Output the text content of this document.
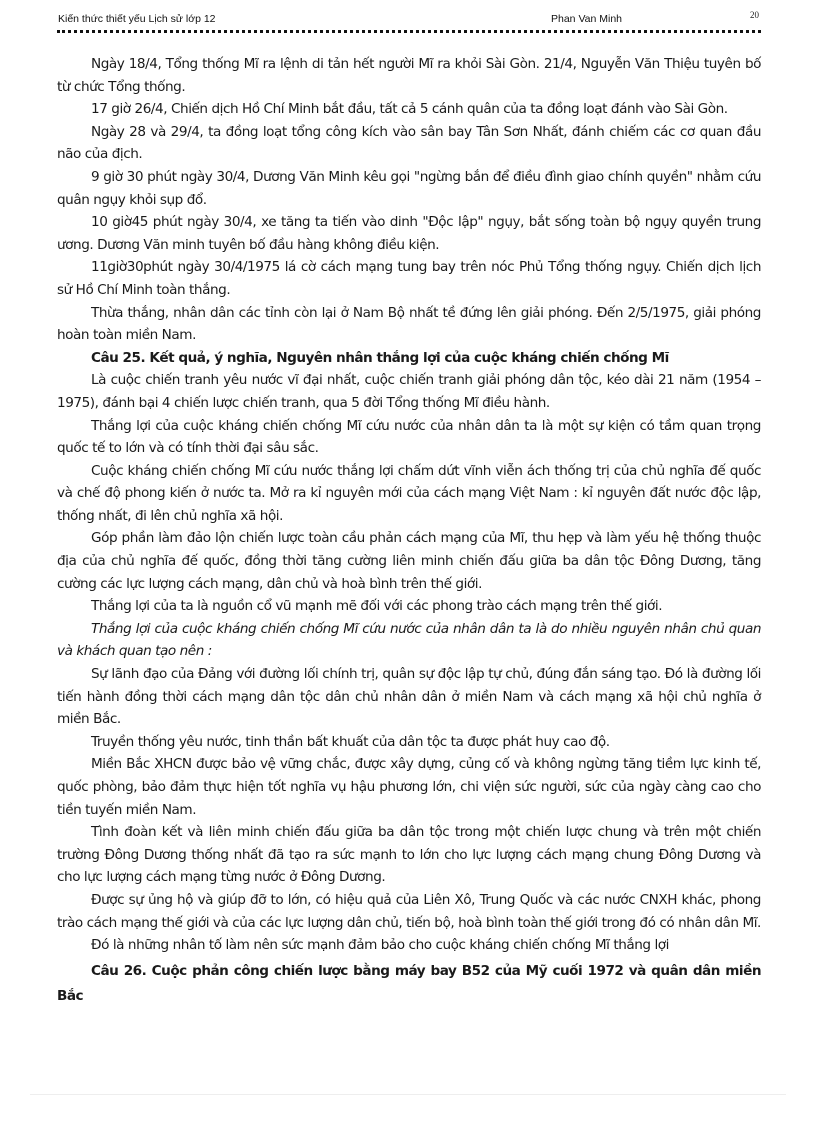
Kiến thức thiết yếu Lịch sử lớp 12	Phan Van Minh	20

Ngày 18/4, Tổng thống Mĩ ra lệnh di tản hết người Mĩ ra khỏi Sài Gòn. 21/4, Nguyễn Văn Thiệu tuyên bố từ chức Tổng thống.

17 giờ 26/4, Chiến dịch Hồ Chí Minh bắt đầu, tất cả 5 cánh quân của ta đồng loạt đánh vào Sài Gòn.

Ngày 28 và 29/4, ta đồng loạt tổng công kích vào sân bay Tân Sơn Nhất, đánh chiếm các cơ quan đầu não của địch.

9 giờ 30 phút ngày 30/4, Dương Văn Minh kêu gọi "ngừng bắn để điều đình giao chính quyền" nhằm cứu quân ngụy khỏi sụp đổ.

10 giờ45 phút ngày 30/4, xe tăng ta tiến vào dinh "Độc lập" ngụy, bắt sống toàn bộ ngụy quyền trung ương. Dương Văn minh tuyên bố đầu hàng không điều kiện.

11giờ30phút ngày 30/4/1975 lá cờ cách mạng tung bay trên nóc Phủ Tổng thống ngụy. Chiến dịch lịch sử Hồ Chí Minh toàn thắng.

Thừa thắng, nhân dân các tỉnh còn lại ở Nam Bộ nhất tề đứng lên giải phóng. Đến 2/5/1975, giải phóng hoàn toàn miền Nam.

Câu 25. Kết quả, ý nghĩa, Nguyên nhân thắng lợi của cuộc kháng chiến chống Mĩ

Là cuộc chiến tranh yêu nước vĩ đại nhất, cuộc chiến tranh giải phóng dân tộc, kéo dài 21 năm (1954 – 1975), đánh bại 4 chiến lược chiến tranh, qua 5 đời Tổng thống Mĩ điều hành.

Thắng lợi của cuộc kháng chiến chống Mĩ cứu nước của nhân dân ta là một sự kiện có tầm quan trọng quốc tế to lớn và có tính thời đại sâu sắc.

Cuộc kháng chiến chống Mĩ cứu nước thắng lợi chấm dứt vĩnh viễn ách thống trị của chủ nghĩa đế quốc và chế độ phong kiến ở nước ta. Mở ra kỉ nguyên mới của cách mạng Việt Nam : kỉ nguyên đất nước độc lập, thống nhất, đi lên chủ nghĩa xã hội.

Góp phần làm đảo lộn chiến lược toàn cầu phản cách mạng của Mĩ, thu hẹp và làm yếu hệ thống thuộc địa của chủ nghĩa đế quốc, đồng thời tăng cường liên minh chiến đấu giữa ba dân tộc Đông Dương, tăng cường các lực lượng cách mạng, dân chủ và hoà bình trên thế giới.

Thắng lợi của ta là nguồn cổ vũ mạnh mẽ đối với các phong trào cách mạng trên thế giới.

Thắng lợi của cuộc kháng chiến chống Mĩ cứu nước của nhân dân ta là do nhiều nguyên nhân chủ quan và khách quan tạo nên :

Sự lãnh đạo của Đảng với đường lối chính trị, quân sự độc lập tự chủ, đúng đắn sáng tạo. Đó là đường lối tiến hành đồng thời cách mạng dân tộc dân chủ nhân dân ở miền Nam và cách mạng xã hội chủ nghĩa ở miền Bắc.

Truyền thống yêu nước, tinh thần bất khuất của dân tộc ta được phát huy cao độ.

Miền Bắc XHCN được bảo vệ vững chắc, được xây dựng, củng cố và không ngừng tăng tiềm lực kinh tế, quốc phòng, bảo đảm thực hiện tốt nghĩa vụ hậu phương lớn, chi viện sức người, sức của ngày càng cao cho tiền tuyến miền Nam.

Tình đoàn kết và liên minh chiến đấu giữa ba dân tộc trong một chiến lược chung và trên một chiến trường Đông Dương thống nhất đã tạo ra sức mạnh to lớn cho lực lượng cách mạng chung Đông Dương và cho lực lượng cách mạng từng nước ở Đông Dương.

Được sự ủng hộ và giúp đỡ to lớn, có hiệu quả của Liên Xô, Trung Quốc và các nước CNXH khác, phong trào cách mạng thế giới và của các lực lượng dân chủ, tiến bộ, hoà bình toàn thế giới trong đó có nhân dân Mĩ.

Đó là những nhân tố làm nên sức mạnh đảm bảo cho cuộc kháng chiến chống Mĩ thắng lợi

Câu 26. Cuộc phản công chiến lược bằng máy bay B52 của Mỹ cuối 1972 và quân dân miền Bắc
